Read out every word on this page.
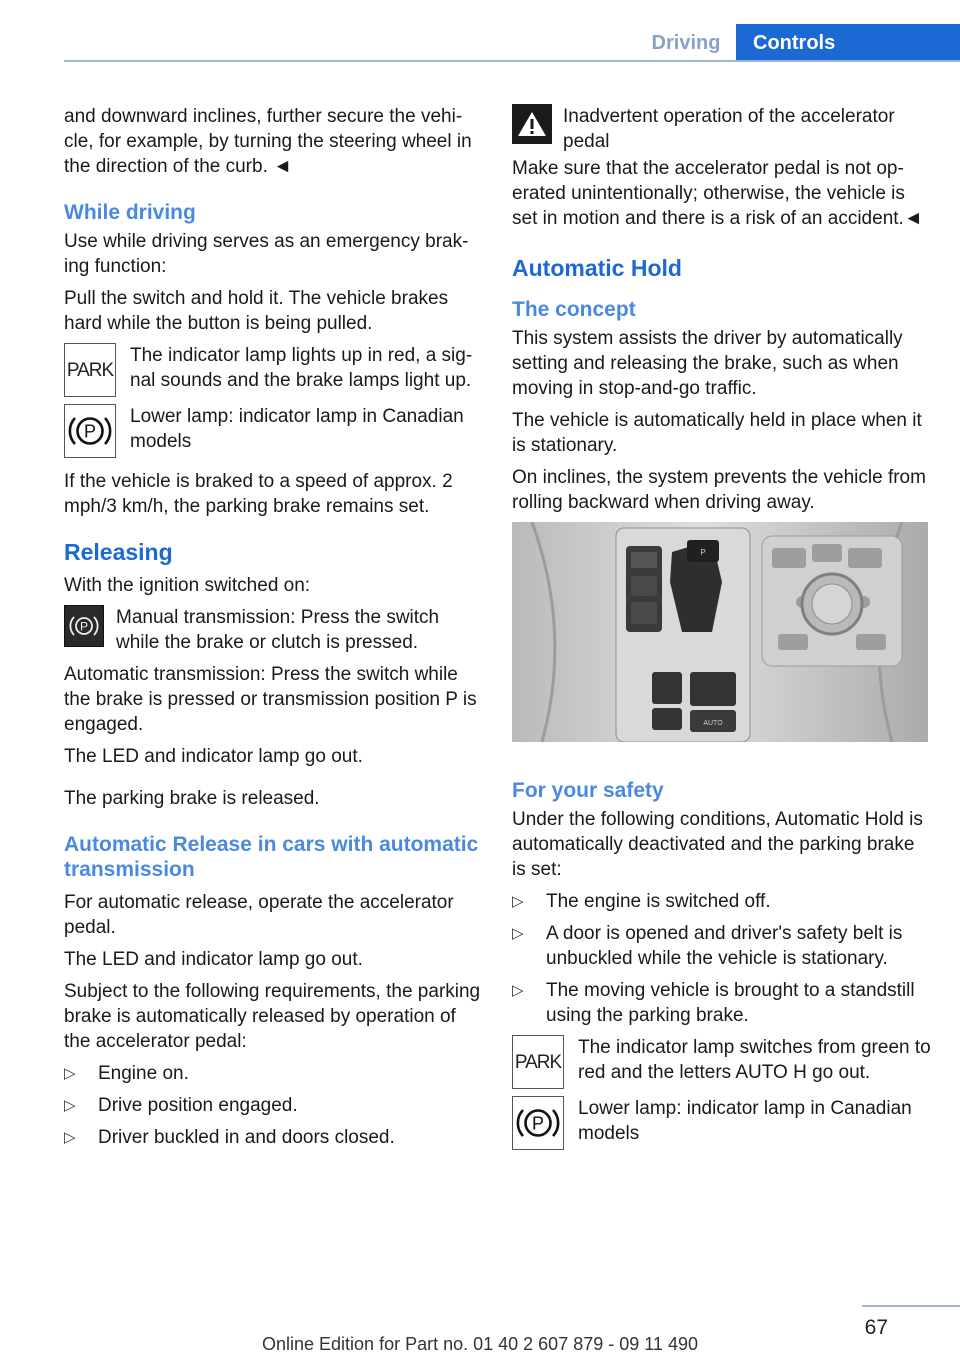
Driving	Controls

and downward inclines, further secure the vehicle, for example, by turning the steering wheel in the direction of the curb. ◄

While driving

Use while driving serves as an emergency braking function:

Pull the switch and hold it. The vehicle brakes hard while the button is being pulled.

PARK
The indicator lamp lights up in red, a signal sounds and the brake lamps light up.
P
Lower lamp: indicator lamp in Canadian models

If the vehicle is braked to a speed of approx. 2 mph/3 km/h, the parking brake remains set.

Releasing

With the ignition switched on:

P Manual transmission: Press the switch while the brake or clutch is pressed.

Automatic transmission: Press the switch while the brake is pressed or transmission position P is engaged.

The LED and indicator lamp go out.

The parking brake is released.

Automatic Release in cars with automatic transmission

For automatic release, operate the accelerator pedal.

The LED and indicator lamp go out.

Subject to the following requirements, the parking brake is automatically released by operation of the accelerator pedal:

▷ Engine on.
▷ Drive position engaged.
▷ Driver buckled in and doors closed.
Inadvertent operation of the accelerator pedal

Make sure that the accelerator pedal is not operated unintentionally; otherwise, the vehicle is set in motion and there is a risk of an accident.◄

Automatic Hold
The concept

This system assists the driver by automatically setting and releasing the brake, such as when moving in stop-and-go traffic.

The vehicle is automatically held in place when it is stationary.

On inclines, the system prevents the vehicle from rolling backward when driving away.

P
AUTO
For your safety

Under the following conditions, Automatic Hold is automatically deactivated and the parking brake is set:

▷ The engine is switched off.
▷ A door is opened and driver's safety belt is unbuckled while the vehicle is stationary.
▷ The moving vehicle is brought to a standstill using the parking brake.
PARK
The indicator lamp switches from green to red and the letters AUTO H go out.
P
Lower lamp: indicator lamp in Canadian models
67
Online Edition for Part no. 01 40 2 607 879 - 09 11 490
